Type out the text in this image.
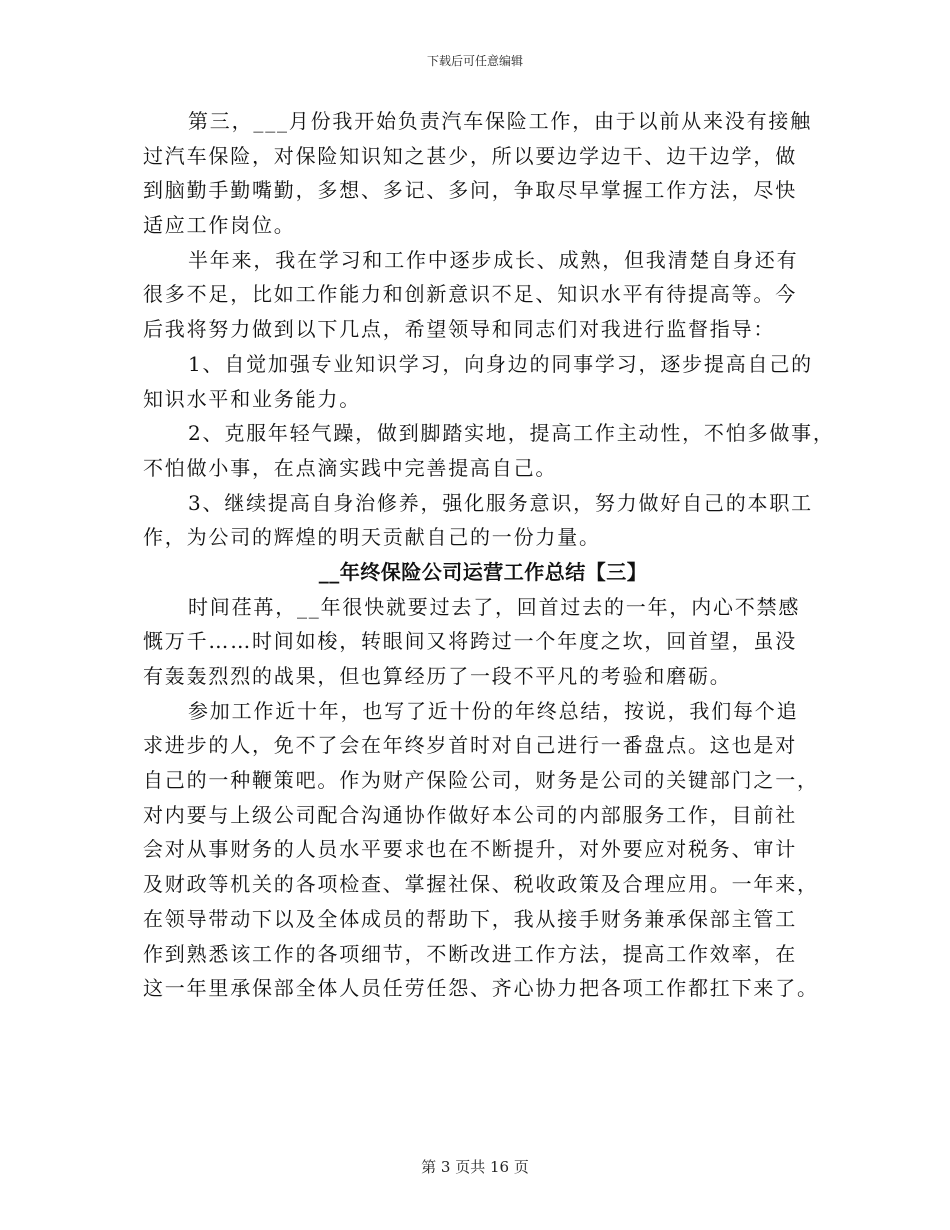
下载后可任意编辑
第三，___月份我开始负责汽车保险工作，由于以前从来没有接触
过汽车保险，对保险知识知之甚少，所以要边学边干、边干边学，做
到脑勤手勤嘴勤，多想、多记、多问，争取尽早掌握工作方法，尽快
适应工作岗位。
半年来，我在学习和工作中逐步成长、成熟，但我清楚自身还有
很多不足，比如工作能力和创新意识不足、知识水平有待提高等。今
后我将努力做到以下几点，希望领导和同志们对我进行监督指导：
1、自觉加强专业知识学习，向身边的同事学习，逐步提高自己的
知识水平和业务能力。
2、克服年轻气躁，做到脚踏实地，提高工作主动性，不怕多做事，
不怕做小事，在点滴实践中完善提高自己。
3、继续提高自身治修养，强化服务意识，努力做好自己的本职工
作，为公司的辉煌的明天贡献自己的一份力量。
__年终保险公司运营工作总结【三】
时间荏苒，__年很快就要过去了，回首过去的一年，内心不禁感
慨万千……时间如梭，转眼间又将跨过一个年度之坎，回首望，虽没
有轰轰烈烈的战果，但也算经历了一段不平凡的考验和磨砺。
参加工作近十年，也写了近十份的年终总结，按说，我们每个追
求进步的人，免不了会在年终岁首时对自己进行一番盘点。这也是对
自己的一种鞭策吧。作为财产保险公司，财务是公司的关键部门之一，
对内要与上级公司配合沟通协作做好本公司的内部服务工作，目前社
会对从事财务的人员水平要求也在不断提升，对外要应对税务、审计
及财政等机关的各项检查、掌握社保、税收政策及合理应用。一年来，
在领导带动下以及全体成员的帮助下，我从接手财务兼承保部主管工
作到熟悉该工作的各项细节，不断改进工作方法，提高工作效率，在
这一年里承保部全体人员任劳任怨、齐心协力把各项工作都扛下来了。
第 3 页共 16 页
